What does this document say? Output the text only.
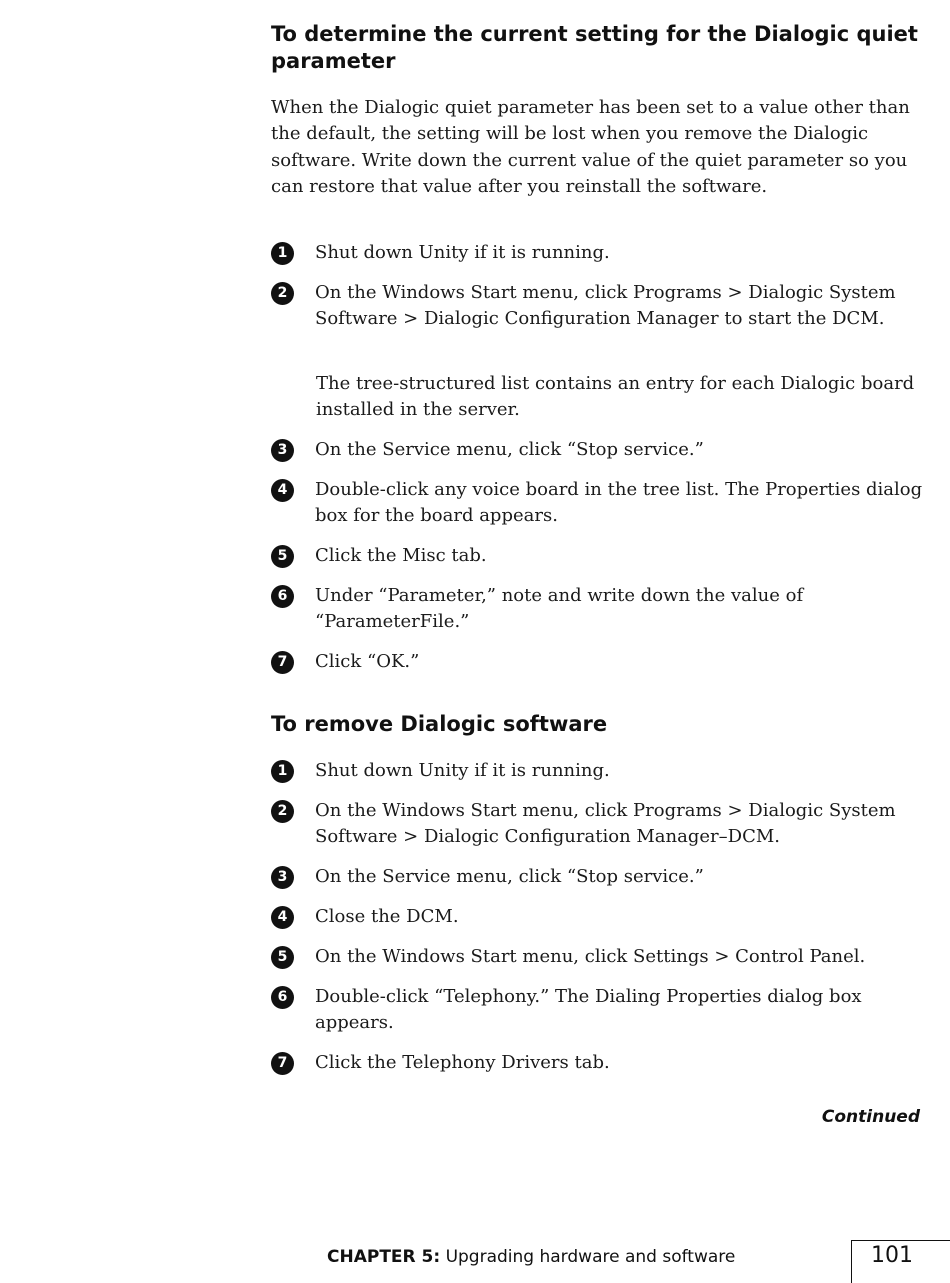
To determine the current setting for the Dialogic quiet parameter

When the Dialogic quiet parameter has been set to a value other than the default, the setting will be lost when you remove the Dialogic software. Write down the current value of the quiet parameter so you can restore that value after you reinstall the software.

1	Shut down Unity if it is running.
2	On the Windows Start menu, click Programs > Dialogic System Software > Dialogic Configuration Manager to start the DCM.
The tree-structured list contains an entry for each Dialogic board installed in the server.
3	On the Service menu, click “Stop service.”
4	Double-click any voice board in the tree list. The Properties dialog box for the board appears.
5	Click the Misc tab.
6	Under “Parameter,” note and write down the value of “ParameterFile.”
7	Click “OK.”
To remove Dialogic software
1	Shut down Unity if it is running.
2	On the Windows Start menu, click Programs > Dialogic System Software > Dialogic Configuration Manager–DCM.
3	On the Service menu, click “Stop service.”
4	Close the DCM.
5	On the Windows Start menu, click Settings > Control Panel.
6	Double-click “Telephony.” The Dialing Properties dialog box appears.
7	Click the Telephony Drivers tab.
Continued
CHAPTER 5: Upgrading hardware and software	101
